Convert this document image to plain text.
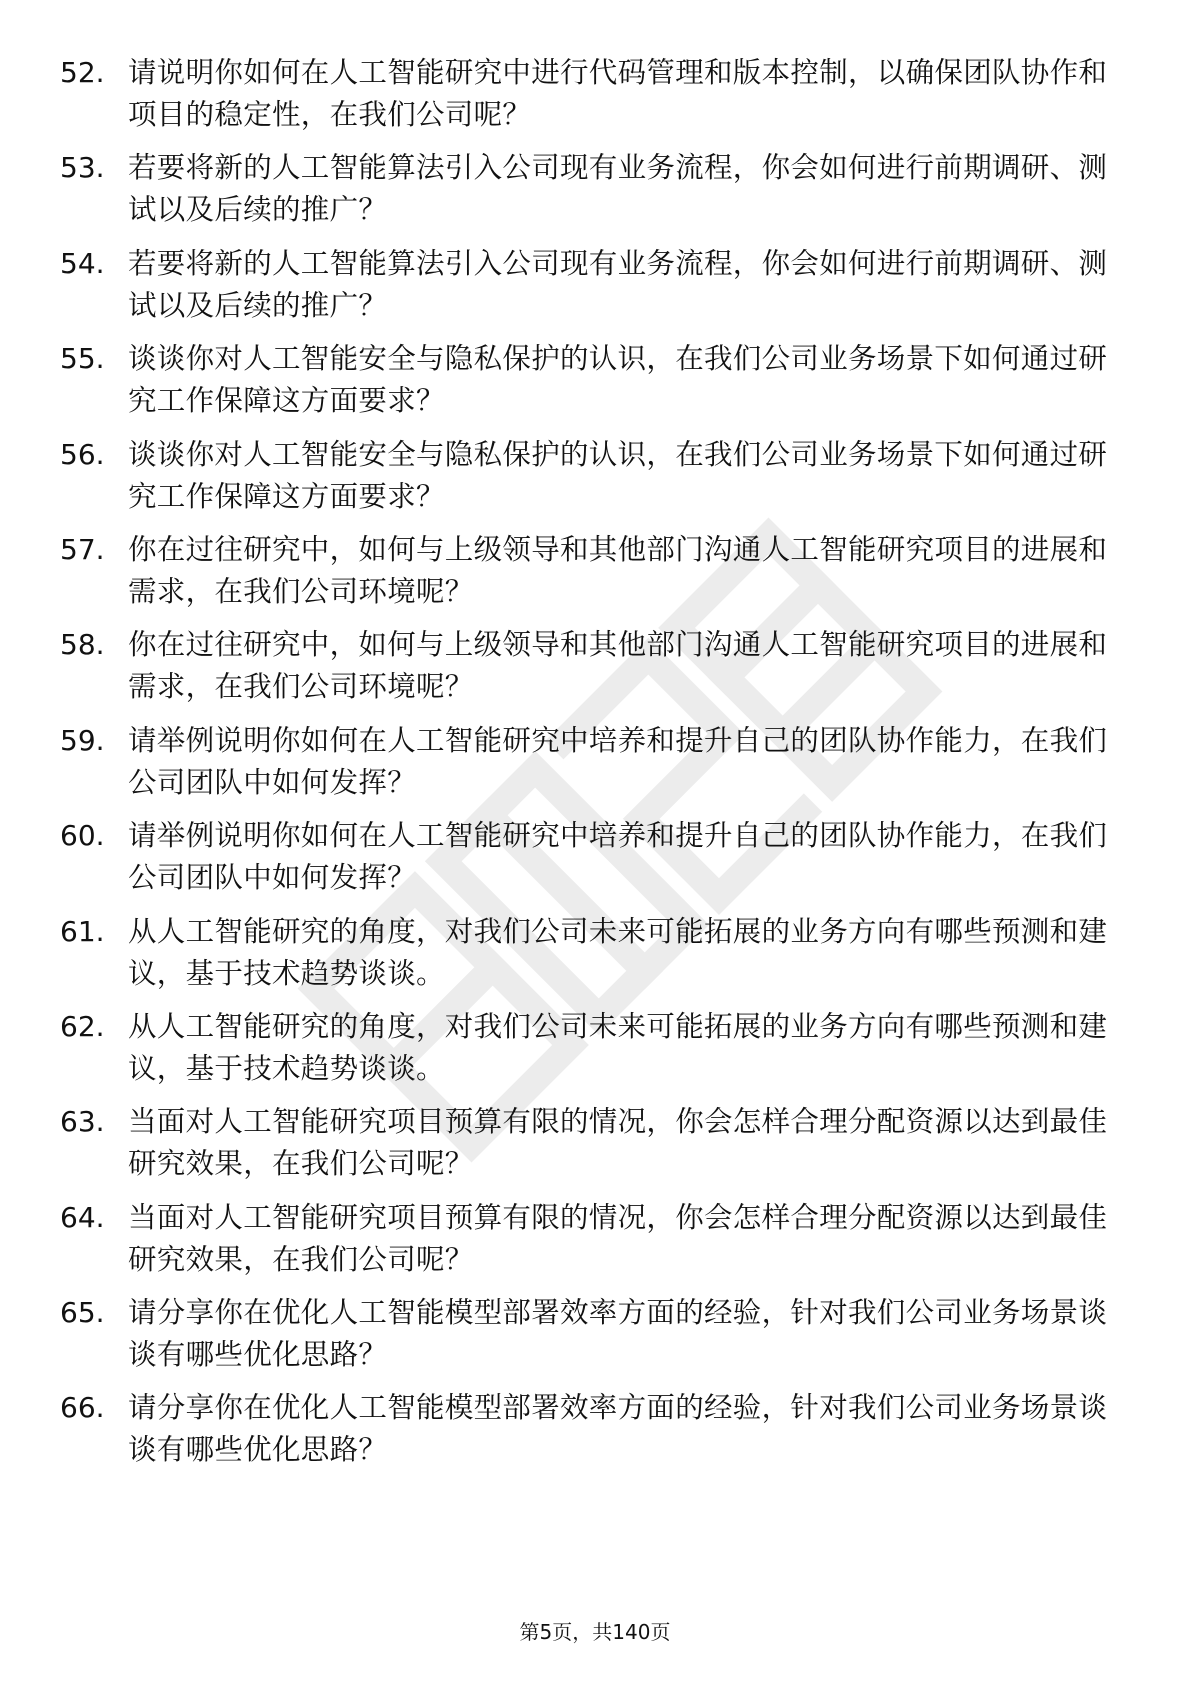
52. 请说明你如何在人工智能研究中进行代码管理和版本控制，以确保团队协作和项目的稳定性，在我们公司呢？
53. 若要将新的人工智能算法引入公司现有业务流程，你会如何进行前期调研、测试以及后续的推广？
54. 若要将新的人工智能算法引入公司现有业务流程，你会如何进行前期调研、测试以及后续的推广？
55. 谈谈你对人工智能安全与隐私保护的认识，在我们公司业务场景下如何通过研究工作保障这方面要求？
56. 谈谈你对人工智能安全与隐私保护的认识，在我们公司业务场景下如何通过研究工作保障这方面要求？
57. 你在过往研究中，如何与上级领导和其他部门沟通人工智能研究项目的进展和需求，在我们公司环境呢？
58. 你在过往研究中，如何与上级领导和其他部门沟通人工智能研究项目的进展和需求，在我们公司环境呢？
59. 请举例说明你如何在人工智能研究中培养和提升自己的团队协作能力，在我们公司团队中如何发挥？
60. 请举例说明你如何在人工智能研究中培养和提升自己的团队协作能力，在我们公司团队中如何发挥？
61. 从人工智能研究的角度，对我们公司未来可能拓展的业务方向有哪些预测和建议，基于技术趋势谈谈。
62. 从人工智能研究的角度，对我们公司未来可能拓展的业务方向有哪些预测和建议，基于技术趋势谈谈。
63. 当面对人工智能研究项目预算有限的情况，你会怎样合理分配资源以达到最佳研究效果，在我们公司呢？
64. 当面对人工智能研究项目预算有限的情况，你会怎样合理分配资源以达到最佳研究效果，在我们公司呢？
65. 请分享你在优化人工智能模型部署效率方面的经验，针对我们公司业务场景谈谈有哪些优化思路？
66. 请分享你在优化人工智能模型部署效率方面的经验，针对我们公司业务场景谈谈有哪些优化思路？
第5页，共140页
